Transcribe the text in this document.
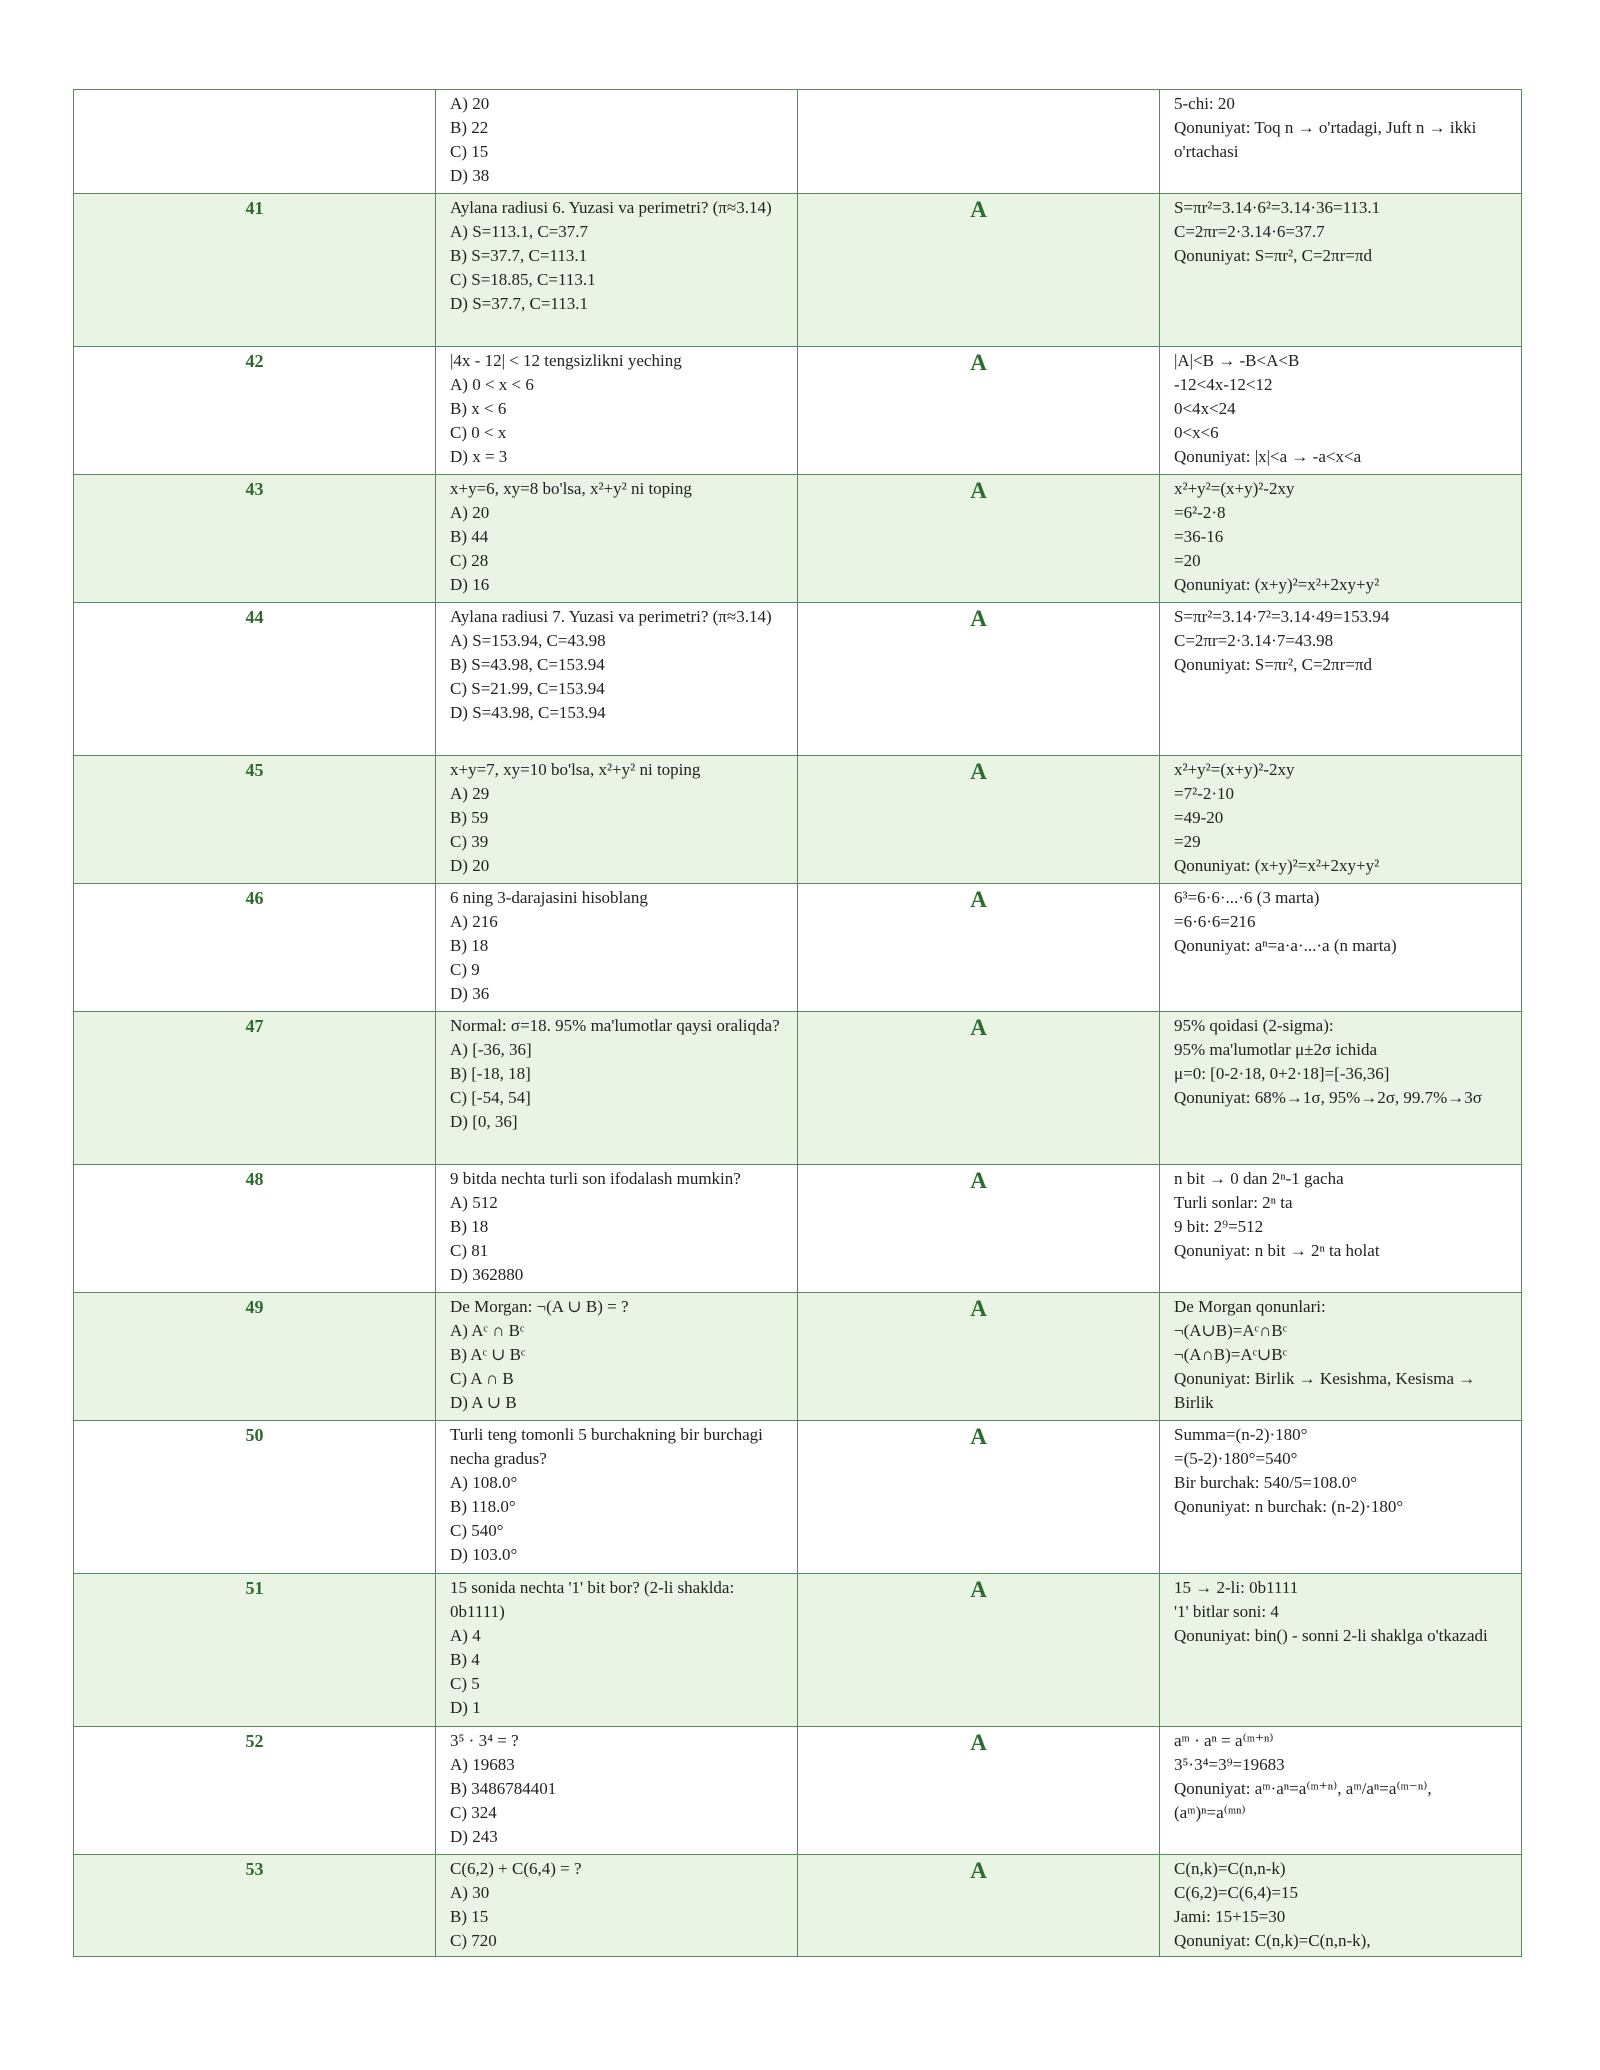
	A) 20
B) 22
C) 15
D) 38		5-chi: 20
Qonuniyat: Toq n → o'rtadagi, Juft n → ikki o'rtachasi

41	Aylana radiusi 6. Yuzasi va perimetri? (π≈3.14)
A) S=113.1, C=37.7
B) S=37.7, C=113.1
C) S=18.85, C=113.1
D) S=37.7, C=113.1	A	S=πr²=3.14·6²=3.14·36=113.1
C=2πr=2·3.14·6=37.7
Qonuniyat: S=πr², C=2πr=πd

42	|4x - 12| < 12 tengsizlikni yeching
A) 0 < x < 6
B) x < 6
C) 0 < x
D) x = 3	A	|A|<B → -B<A<B
-12<4x-12<12
0<4x<24
0<x<6
Qonuniyat: |x|<a → -a<x<a

43	x+y=6, xy=8 bo'lsa, x²+y² ni toping
A) 20
B) 44
C) 28
D) 16	A	x²+y²=(x+y)²-2xy
=6²-2·8
=36-16
=20
Qonuniyat: (x+y)²=x²+2xy+y²

44	Aylana radiusi 7. Yuzasi va perimetri? (π≈3.14)
A) S=153.94, C=43.98
B) S=43.98, C=153.94
C) S=21.99, C=153.94
D) S=43.98, C=153.94	A	S=πr²=3.14·7²=3.14·49=153.94
C=2πr=2·3.14·7=43.98
Qonuniyat: S=πr², C=2πr=πd

45	x+y=7, xy=10 bo'lsa, x²+y² ni toping
A) 29
B) 59
C) 39
D) 20	A	x²+y²=(x+y)²-2xy
=7²-2·10
=49-20
=29
Qonuniyat: (x+y)²=x²+2xy+y²

46	6 ning 3-darajasini hisoblang
A) 216
B) 18
C) 9
D) 36	A	6³=6·6·...·6 (3 marta)
=6·6·6=216
Qonuniyat: aⁿ=a·a·...·a (n marta)

47	Normal: σ=18. 95% ma'lumotlar qaysi oraliqda?
A) [-36, 36]
B) [-18, 18]
C) [-54, 54]
D) [0, 36]	A	95% qoidasi (2-sigma):
95% ma'lumotlar μ±2σ ichida
μ=0: [0-2·18, 0+2·18]=[-36,36]
Qonuniyat: 68%→1σ, 95%→2σ, 99.7%→3σ

48	9 bitda nechta turli son ifodalash mumkin?
A) 512
B) 18
C) 81
D) 362880	A	n bit → 0 dan 2ⁿ-1 gacha
Turli sonlar: 2ⁿ ta
9 bit: 2⁹=512
Qonuniyat: n bit → 2ⁿ ta holat

49	De Morgan: ¬(A ∪ B) = ?
A) Aᶜ ∩ Bᶜ
B) Aᶜ ∪ Bᶜ
C) A ∩ B
D) A ∪ B	A	De Morgan qonunlari:
¬(A∪B)=Aᶜ∩Bᶜ
¬(A∩B)=Aᶜ∪Bᶜ
Qonuniyat: Birlik → Kesishma, Kesisma → Birlik

50	Turli teng tomonli 5 burchakning bir burchagi necha gradus?
A) 108.0°
B) 118.0°
C) 540°
D) 103.0°	A	Summa=(n-2)·180°
=(5-2)·180°=540°
Bir burchak: 540/5=108.0°
Qonuniyat: n burchak: (n-2)·180°

51	15 sonida nechta '1' bit bor? (2-li shaklda: 0b1111)
A) 4
B) 4
C) 5
D) 1	A	15 → 2-li: 0b1111
'1' bitlar soni: 4
Qonuniyat: bin() - sonni 2-li shaklga o'tkazadi

52	3⁵ · 3⁴ = ?
A) 19683
B) 3486784401
C) 324
D) 243	A	aᵐ · aⁿ = a⁽ᵐ⁺ⁿ⁾
3⁵·3⁴=3⁹=19683
Qonuniyat: aᵐ·aⁿ=a⁽ᵐ⁺ⁿ⁾, aᵐ/aⁿ=a⁽ᵐ⁻ⁿ⁾, (aᵐ)ⁿ=a⁽ᵐⁿ⁾

53	C(6,2) + C(6,4) = ?
A) 30
B) 15
C) 720	A	C(n,k)=C(n,n-k)
C(6,2)=C(6,4)=15
Jami: 15+15=30
Qonuniyat: C(n,k)=C(n,n-k),
